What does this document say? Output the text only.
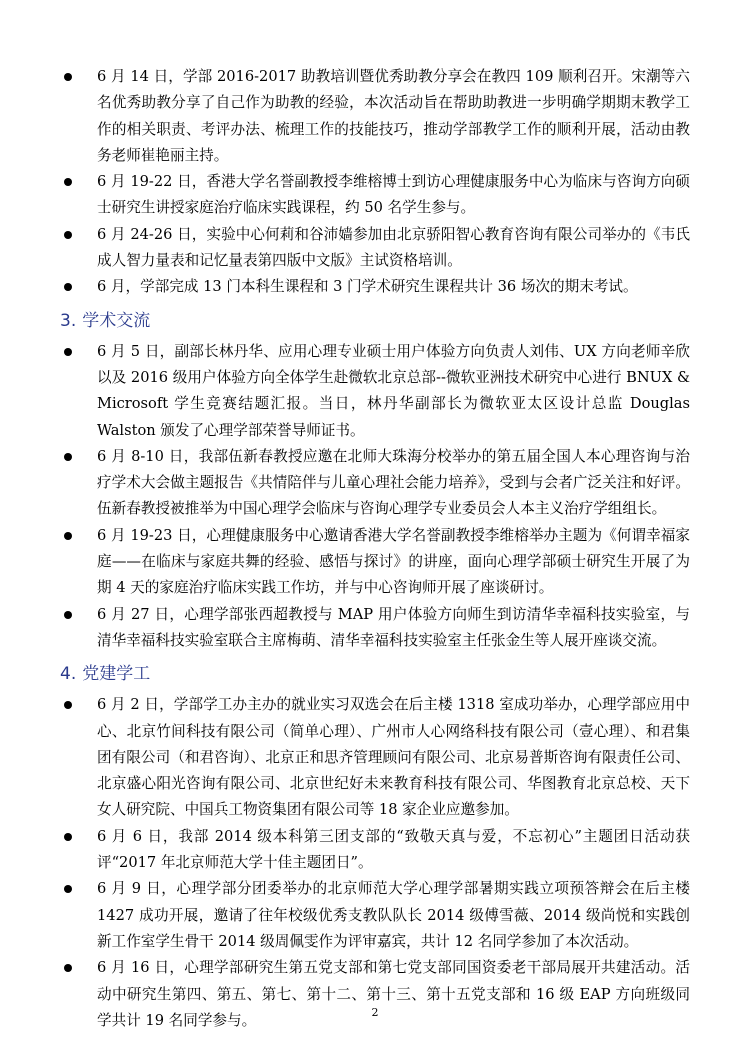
6 月 14 日，学部 2016-2017 助教培训暨优秀助教分享会在教四 109 顺利召开。宋潮等六名优秀助教分享了自己作为助教的经验，本次活动旨在帮助助教进一步明确学期期末教学工作的相关职责、考评办法、梳理工作的技能技巧，推动学部教学工作的顺利开展，活动由教务老师崔艳丽主持。
6 月 19-22 日，香港大学名誉副教授李维榕博士到访心理健康服务中心为临床与咨询方向硕士研究生讲授家庭治疗临床实践课程，约 50 名学生参与。
6 月 24-26 日，实验中心何莉和谷沛嫱参加由北京骄阳智心教育咨询有限公司举办的《韦氏成人智力量表和记忆量表第四版中文版》主试资格培训。
6 月，学部完成 13 门本科生课程和 3 门学术研究生课程共计 36 场次的期末考试。
3. 学术交流
6 月 5 日，副部长林丹华、应用心理专业硕士用户体验方向负责人刘伟、UX 方向老师辛欣以及 2016 级用户体验方向全体学生赴微软北京总部--微软亚洲技术研究中心进行 BNUX & Microsoft 学生竞赛结题汇报。当日，林丹华副部长为微软亚太区设计总监 Douglas Walston 颁发了心理学部荣誉导师证书。
6 月 8-10 日，我部伍新春教授应邀在北师大珠海分校举办的第五届全国人本心理咨询与治疗学术大会做主题报告《共情陪伴与儿童心理社会能力培养》，受到与会者广泛关注和好评。伍新春教授被推举为中国心理学会临床与咨询心理学专业委员会人本主义治疗学组组长。
6 月 19-23 日，心理健康服务中心邀请香港大学名誉副教授李维榕举办主题为《何谓幸福家庭——在临床与家庭共舞的经验、感悟与探讨》的讲座，面向心理学部硕士研究生开展了为期 4 天的家庭治疗临床实践工作坊，并与中心咨询师开展了座谈研讨。
6 月 27 日，心理学部张西超教授与 MAP 用户体验方向师生到访清华幸福科技实验室，与清华幸福科技实验室联合主席梅萌、清华幸福科技实验室主任张金生等人展开座谈交流。
4. 党建学工
6 月 2 日，学部学工办主办的就业实习双选会在后主楼 1318 室成功举办，心理学部应用中心、北京竹间科技有限公司（简单心理）、广州市人心网络科技有限公司（壹心理）、和君集团有限公司（和君咨询）、北京正和思齐管理顾问有限公司、北京易普斯咨询有限责任公司、北京盛心阳光咨询有限公司、北京世纪好未来教育科技有限公司、华图教育北京总校、天下女人研究院、中国兵工物资集团有限公司等 18 家企业应邀参加。
6 月 6 日，我部 2014 级本科第三团支部的“致敬天真与爱，不忘初心”主题团日活动获评“2017 年北京师范大学十佳主题团日”。
6 月 9 日，心理学部分团委举办的北京师范大学心理学部暑期实践立项预答辩会在后主楼 1427 成功开展，邀请了往年校级优秀支教队队长 2014 级傅雪薇、2014 级尚悦和实践创新工作室学生骨干 2014 级周佩雯作为评审嘉宾，共计 12 名同学参加了本次活动。
6 月 16 日，心理学部研究生第五党支部和第七党支部同国资委老干部局展开共建活动。活动中研究生第四、第五、第七、第十二、第十三、第十五党支部和 16 级 EAP 方向班级同学共计 19 名同学参与。	2
